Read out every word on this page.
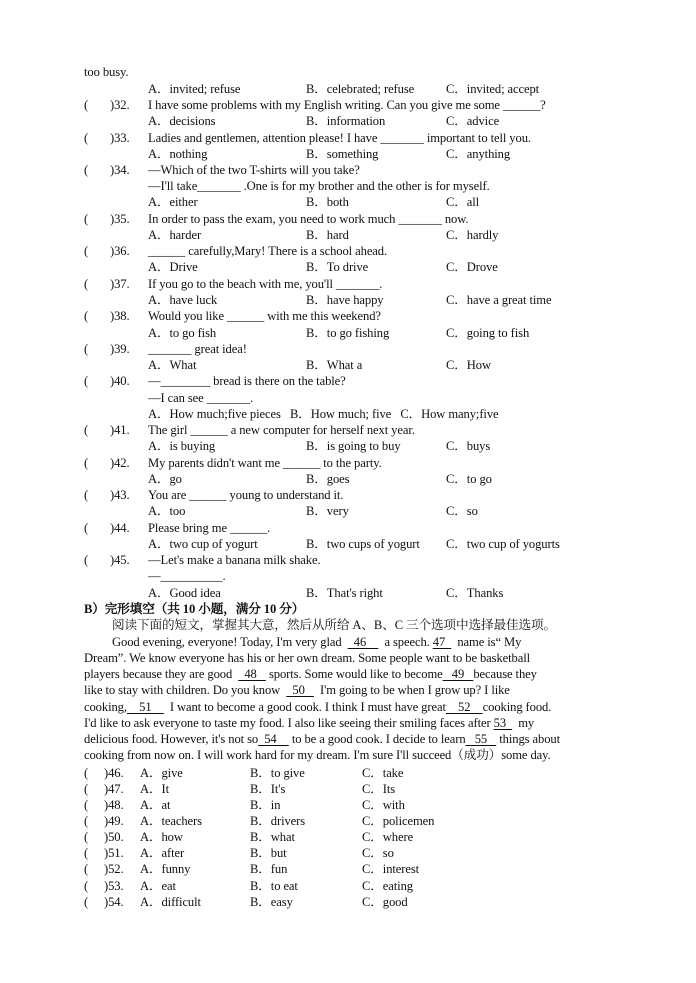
too busy.
A．invited; refuse	B．celebrated; refuse	C．invited; accept
( )32. I have some problems with my English writing. Can you give me some ______?
A．decisions	B．information	C．advice
( )33. Ladies and gentlemen, attention please! I have _______ important to tell you.
A．nothing	B．something	C．anything
( )34. —Which of the two T-shirts will you take?
—I'll take_______ .One is for my brother and the other is for myself.
A．either	B．both	C．all
( )35. In order to pass the exam, you need to work much _______ now.
A．harder	B．hard	C．hardly
( )36. ______ carefully,Mary! There is a school ahead.
A．Drive	B．To drive	C．Drove
( )37. If you go to the beach with me, you'll _______.
A．have luck	B．have happy	C．have a great time
( )38. Would you like ______ with me this weekend?
A．to go fish	B．to go fishing	C．going to fish
( )39. _______ great idea!
A．What	B．What a	C．How
( )40. —________ bread is there on the table?
—I can see _______.
A．How much;five pieces   B．How much; five   C．How many;five
( )41. The girl ______ a new computer for herself next year.
A．is buying	B．is going to buy	C．buys
( )42. My parents didn't want me ______ to the party.
A．go	B．goes	C．to go
( )43. You are ______ young to understand it.
A．too	B．very	C．so
( )44. Please bring me ______.
A．two cup of yogurt	B．two cups of yogurt C．two cup of yogurts
( )45. —Let's make a banana milk shake.
—__________.
A．Good idea	B．That's right	C．Thanks
B）完形填空（共 10 小题，满分 10 分）
阅读下面的短文，掌握其大意，然后从所给 A、B、C 三个选项中选择最佳选项。
Good evening, everyone! Today, I'm very glad    46      a speech. 47    name is“ My
Dream”. We know everyone has his or her own dream. Some people want to be basketball
players because they are good    48    sports. Some would like to become   49   because they
like to stay with children. Do you know    50     I'm going to be when I grow up? I like
cooking,    51      I want to become a good cook. I think I must have great    52    cooking food.
I'd like to ask everyone to taste my food. I also like seeing their smiling faces after 53    my
delicious food. However, it's not so  54     to be a good cook. I decide to learn   55    things about
cooking from now on. I will work hard for my dream. I'm sure I'll succeed（成功）some day.
( )46. A．give	B．to give	C．take
( )47. A．It	B．It's	C．Its
( )48. A．at	B．in	C．with
( )49. A．teachers	B．drivers	C．policemen
( )50. A．how	B．what	C．where
( )51. A．after	B．but	C．so
( )52. A．funny	B．fun	C．interest
( )53. A．eat	B．to eat	C．eating
( )54. A．difficult	B．easy	C．good
